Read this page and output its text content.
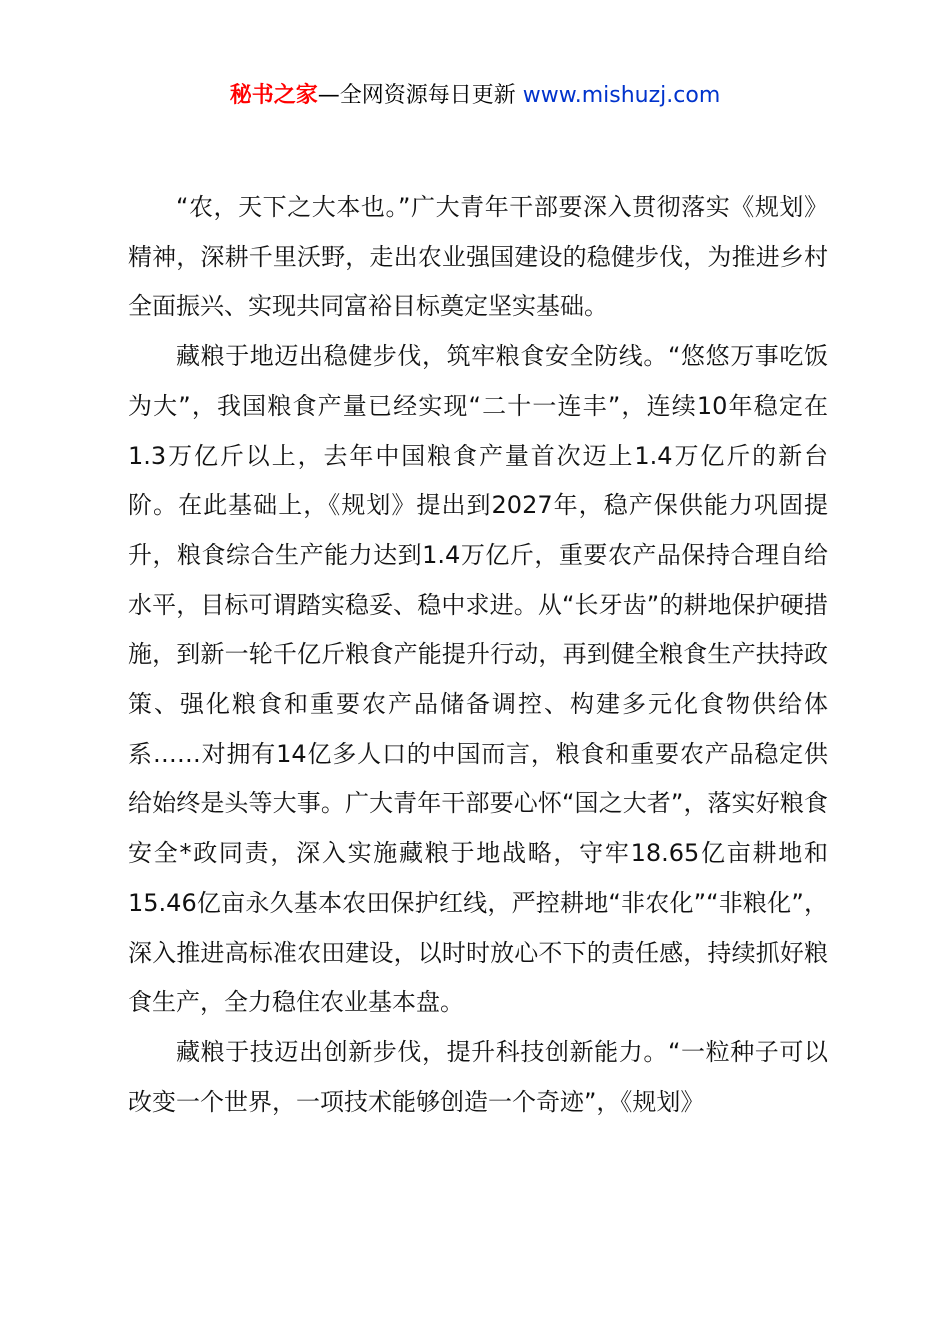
秘书之家—全网资源每日更新 www.mishuzj.com

“农，天下之大本也。”广大青年干部要深入贯彻落实《规划》精神，深耕千里沃野，走出农业强国建设的稳健步伐，为推进乡村全面振兴、实现共同富裕目标奠定坚实基础。

藏粮于地迈出稳健步伐，筑牢粮食安全防线。“悠悠万事吃饭为大”，我国粮食产量已经实现“二十一连丰”，连续10年稳定在1.3万亿斤以上，去年中国粮食产量首次迈上1.4万亿斤的新台阶。在此基础上，《规划》提出到2027年，稳产保供能力巩固提升，粮食综合生产能力达到1.4万亿斤，重要农产品保持合理自给水平，目标可谓踏实稳妥、稳中求进。从“长牙齿”的耕地保护硬措施，到新一轮千亿斤粮食产能提升行动，再到健全粮食生产扶持政策、强化粮食和重要农产品储备调控、构建多元化食物供给体系……对拥有14亿多人口的中国而言，粮食和重要农产品稳定供给始终是头等大事。广大青年干部要心怀“国之大者”，落实好粮食安全*政同责，深入实施藏粮于地战略，守牢18.65亿亩耕地和15.46亿亩永久基本农田保护红线，严控耕地“非农化”“非粮化”，深入推进高标准农田建设，以时时放心不下的责任感，持续抓好粮食生产，全力稳住农业基本盘。

藏粮于技迈出创新步伐，提升科技创新能力。“一粒种子可以改变一个世界，一项技术能够创造一个奇迹”，《规划》
